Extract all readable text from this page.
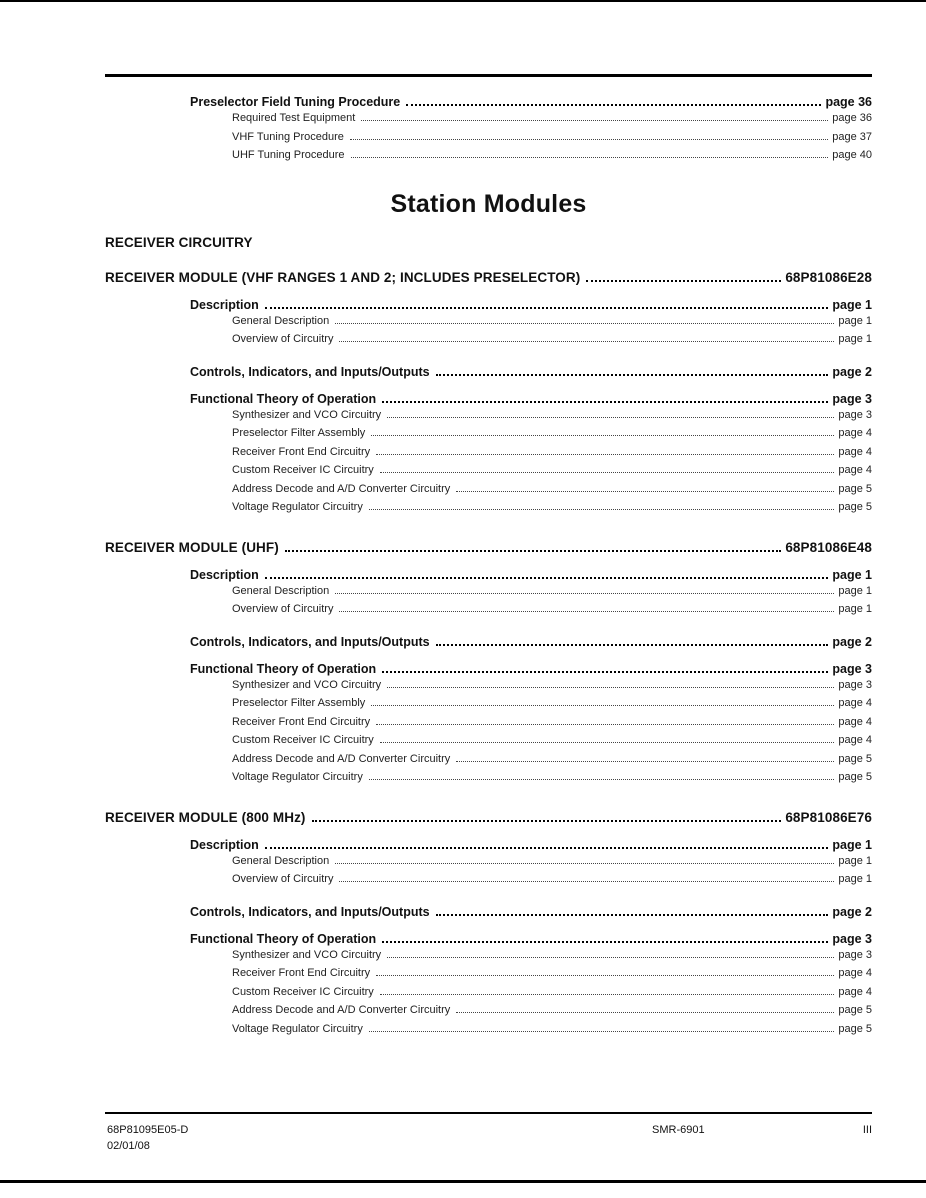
Preselector Field Tuning Procedure	page 36
Required Test Equipment	page 36
VHF Tuning Procedure	page 37
UHF Tuning Procedure	page 40
Station Modules
RECEIVER CIRCUITRY
RECEIVER MODULE (VHF RANGES 1 AND 2; INCLUDES PRESELECTOR)	68P81086E28
Description	page 1
General Description	page 1
Overview of Circuitry	page 1
Controls, Indicators, and Inputs/Outputs	page 2
Functional Theory of Operation	page 3
Synthesizer and VCO Circuitry	page 3
Preselector Filter Assembly	page 4
Receiver Front End Circuitry	page 4
Custom Receiver IC Circuitry	page 4
Address Decode and A/D Converter Circuitry	page 5
Voltage Regulator Circuitry	page 5
RECEIVER MODULE (UHF)	68P81086E48
Description	page 1
General Description	page 1
Overview of Circuitry	page 1
Controls, Indicators, and Inputs/Outputs	page 2
Functional Theory of Operation	page 3
Synthesizer and VCO Circuitry	page 3
Preselector Filter Assembly	page 4
Receiver Front End Circuitry	page 4
Custom Receiver IC Circuitry	page 4
Address Decode and A/D Converter Circuitry	page 5
Voltage Regulator Circuitry	page 5
RECEIVER MODULE (800 MHz)	68P81086E76
Description	page 1
General Description	page 1
Overview of Circuitry	page 1
Controls, Indicators, and Inputs/Outputs	page 2
Functional Theory of Operation	page 3
Synthesizer and VCO Circuitry	page 3
Receiver Front End Circuitry	page 4
Custom Receiver IC Circuitry	page 4
Address Decode and A/D Converter Circuitry	page 5
Voltage Regulator Circuitry	page 5
68P81095E05-D
02/01/08
SMR-6901	III
